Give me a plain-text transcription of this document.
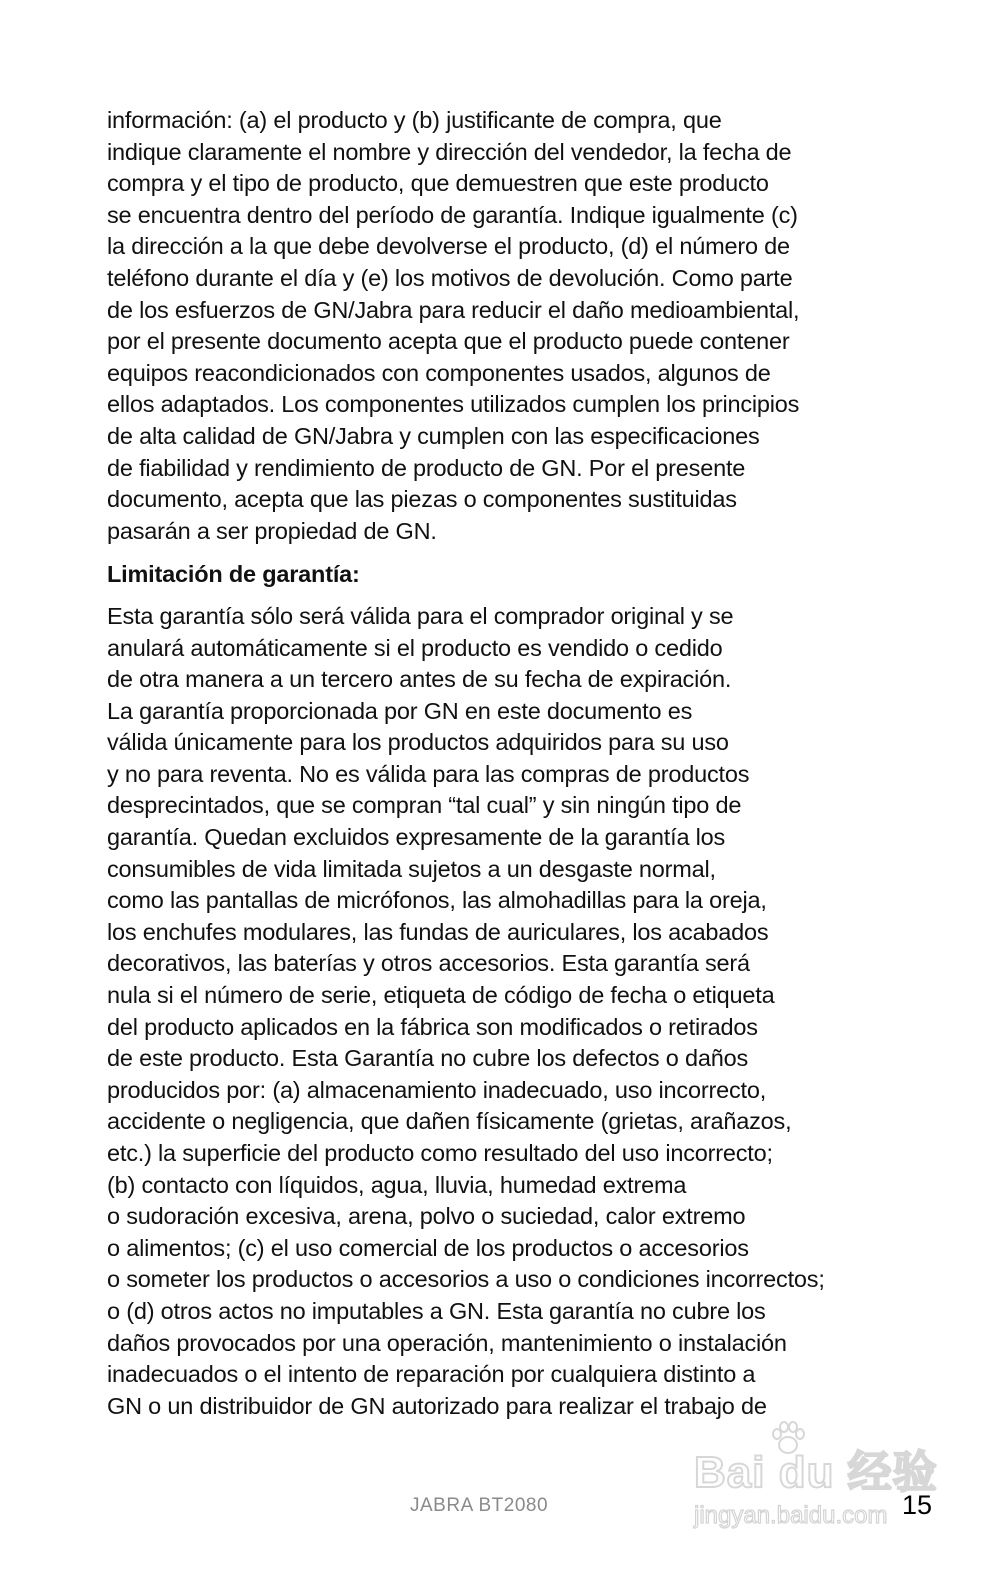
información: (a) el producto y (b) justificante de compra, que
indique claramente el nombre y dirección del vendedor, la fecha de
compra y el tipo de producto, que demuestren que este producto
se encuentra dentro del período de garantía. Indique igualmente (c)
la dirección a la que debe devolverse el producto, (d) el número de
teléfono durante el día y (e) los motivos de devolución. Como parte
de los esfuerzos de GN/Jabra para reducir el daño medioambiental,
por el presente documento acepta que el producto puede contener
equipos reacondicionados con componentes usados, algunos de
ellos adaptados. Los componentes utilizados cumplen los principios
de alta calidad de GN/Jabra y cumplen con las especificaciones
de fiabilidad y rendimiento de producto de GN. Por el presente
documento, acepta que las piezas o componentes sustituidas
pasarán a ser propiedad de GN.
Limitación de garantía:
Esta garantía sólo será válida para el comprador original y se
anulará automáticamente si el producto es vendido o cedido
de otra manera a un tercero antes de su fecha de expiración.
La garantía proporcionada por GN en este documento es
válida únicamente para los productos adquiridos para su uso
y no para reventa. No es válida para las compras de productos
desprecintados, que se compran “tal cual” y sin ningún tipo de
garantía. Quedan excluidos expresamente de la garantía los
consumibles de vida limitada sujetos a un desgaste normal,
como las pantallas de micrófonos, las almohadillas para la oreja,
los enchufes modulares, las fundas de auriculares, los acabados
decorativos, las baterías y otros accesorios. Esta garantía será
nula si el número de serie, etiqueta de código de fecha o etiqueta
del producto aplicados en la fábrica son modificados o retirados
de este producto. Esta Garantía no cubre los defectos o daños
producidos por: (a) almacenamiento inadecuado, uso incorrecto,
accidente o negligencia, que dañen físicamente (grietas, arañazos,
etc.) la superficie del producto como resultado del uso incorrecto;
(b) contacto con líquidos, agua, lluvia, humedad extrema
o sudoración excesiva, arena, polvo o suciedad, calor extremo
o alimentos; (c) el uso comercial de los productos o accesorios
o someter los productos o accesorios a uso o condiciones incorrectos;
o (d) otros actos no imputables a GN. Esta garantía no cubre los
daños provocados por una operación, mantenimiento o instalación
inadecuados o el intento de reparación por cualquiera distinto a
GN o un distribuidor de GN autorizado para realizar el trabajo de
Bai du 经验
jingyan.baidu.com
JABRA BT2080	15
